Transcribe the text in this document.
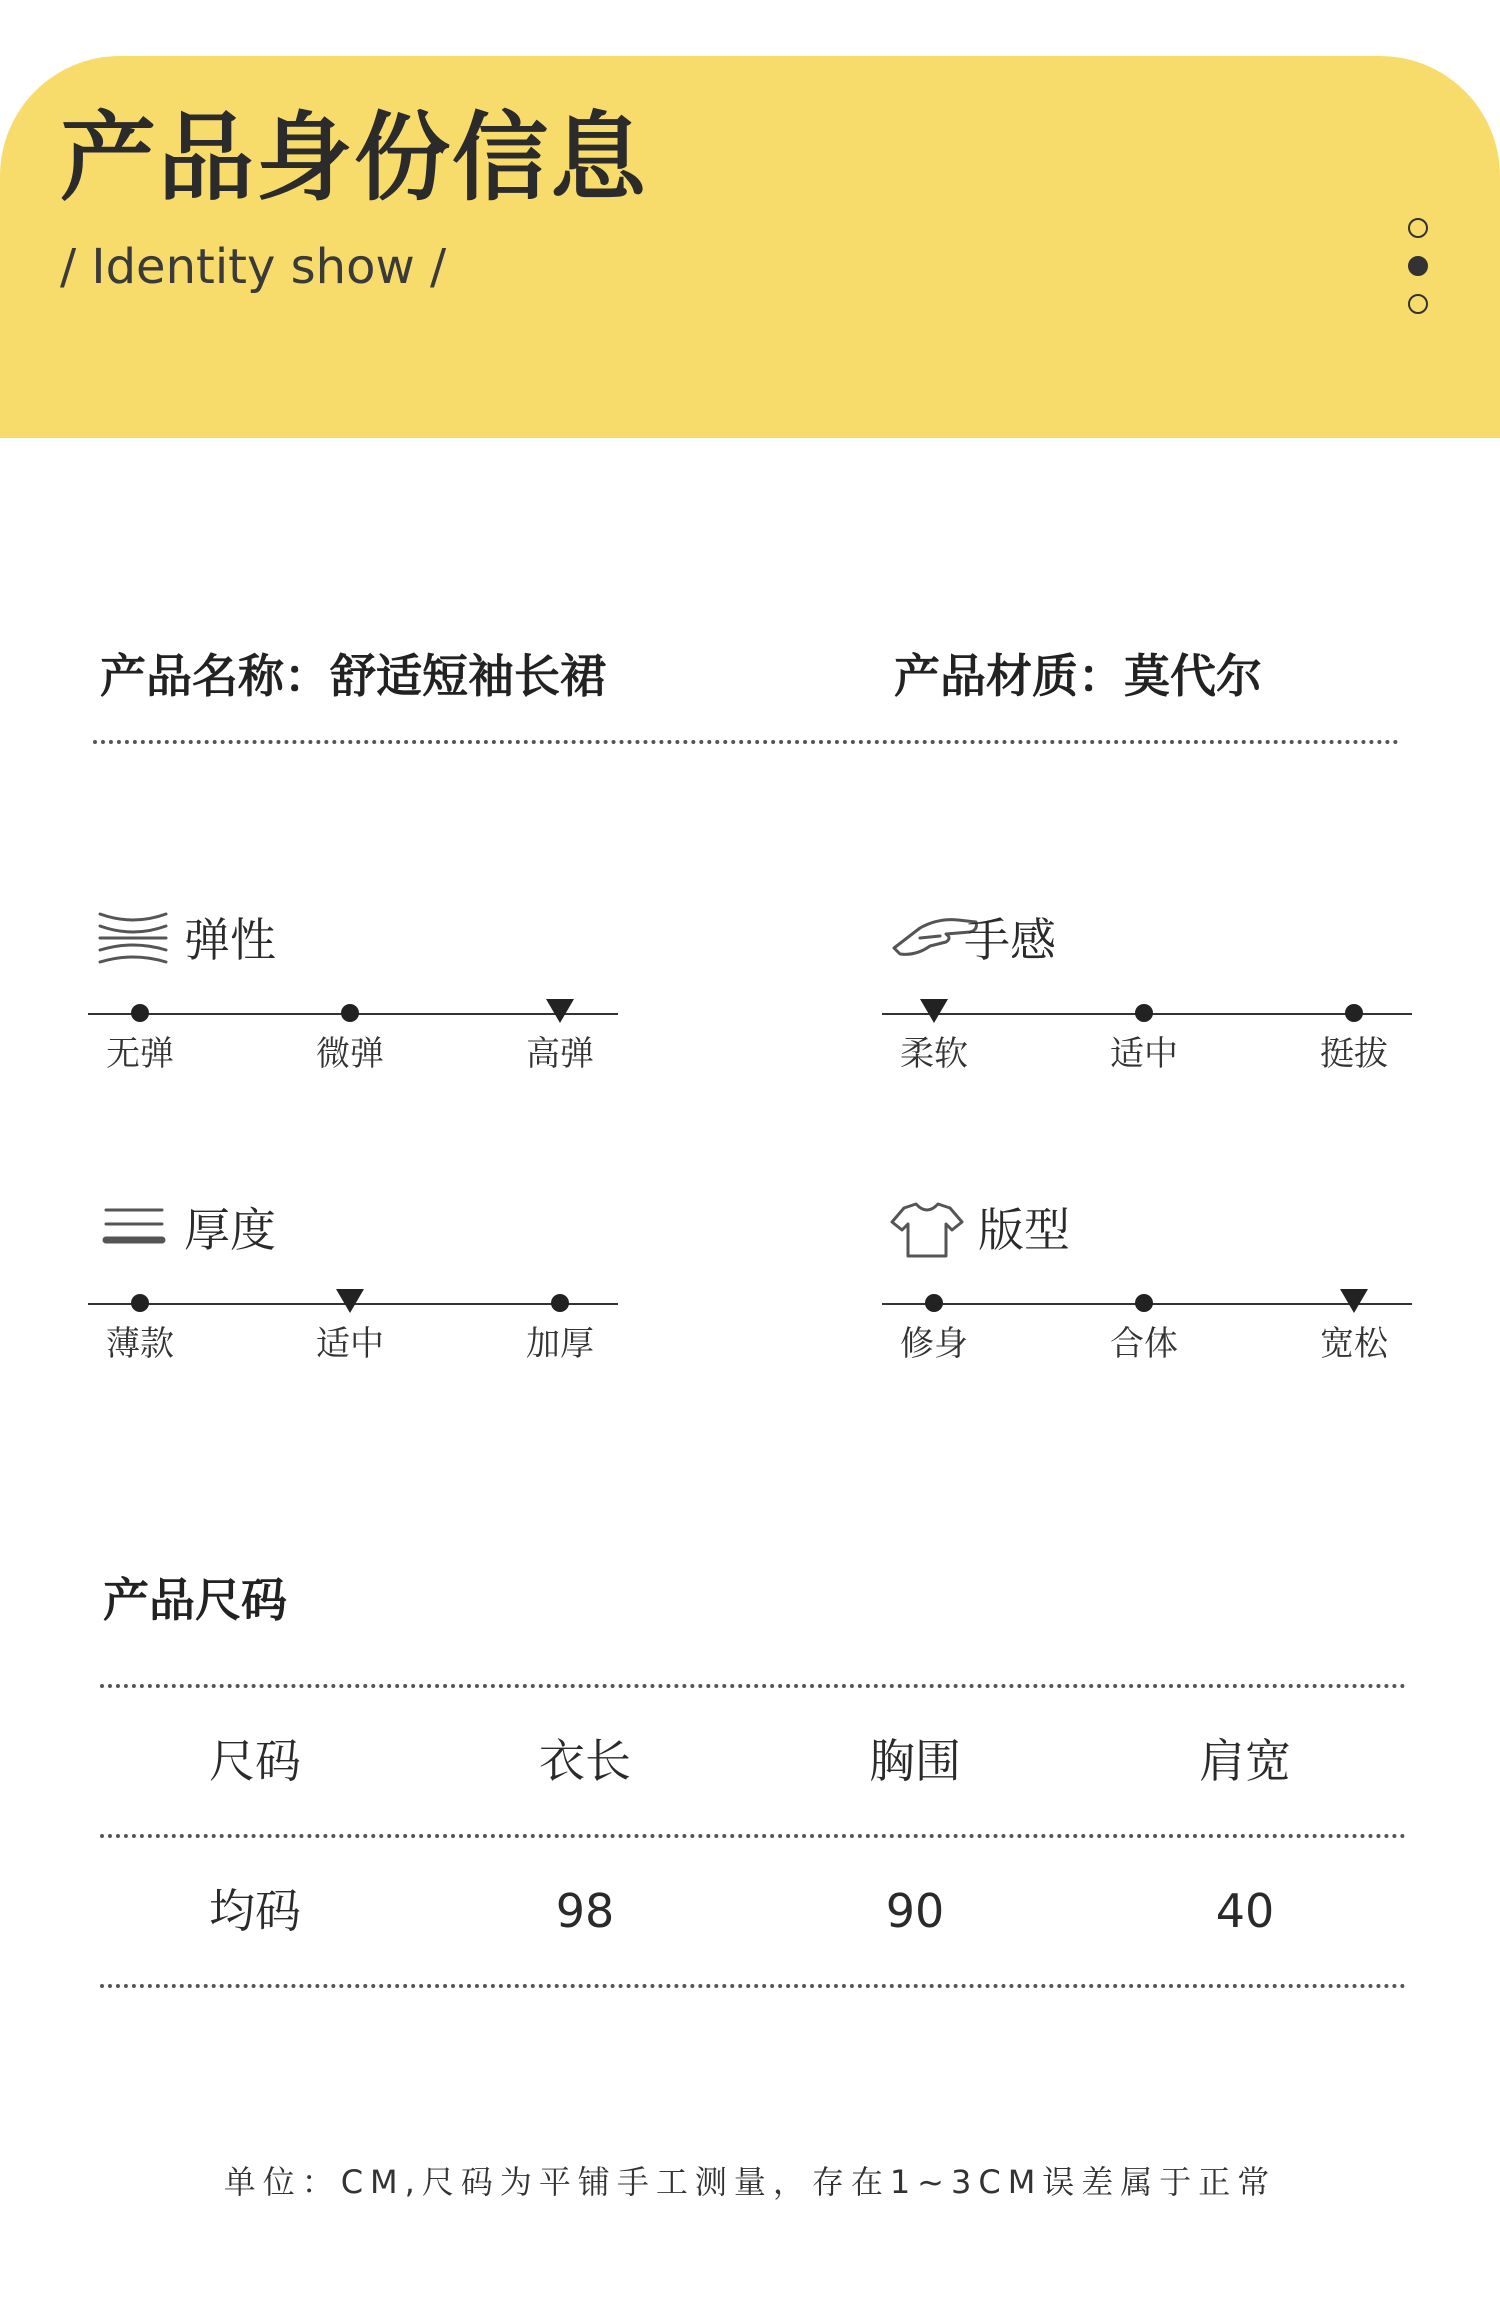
产品身份信息
/ Identity show /
产品名称：舒适短袖长裙	产品材质：莫代尔
弹性
无弹	微弹	高弹
手感
柔软	适中	挺拔
厚度
薄款	适中	加厚
版型
修身	合体	宽松
产品尺码
尺码	衣长	胸围	肩宽
均码	98	90	40
单位：CM,尺码为平铺手工测量，存在1~3CM误差属于正常
